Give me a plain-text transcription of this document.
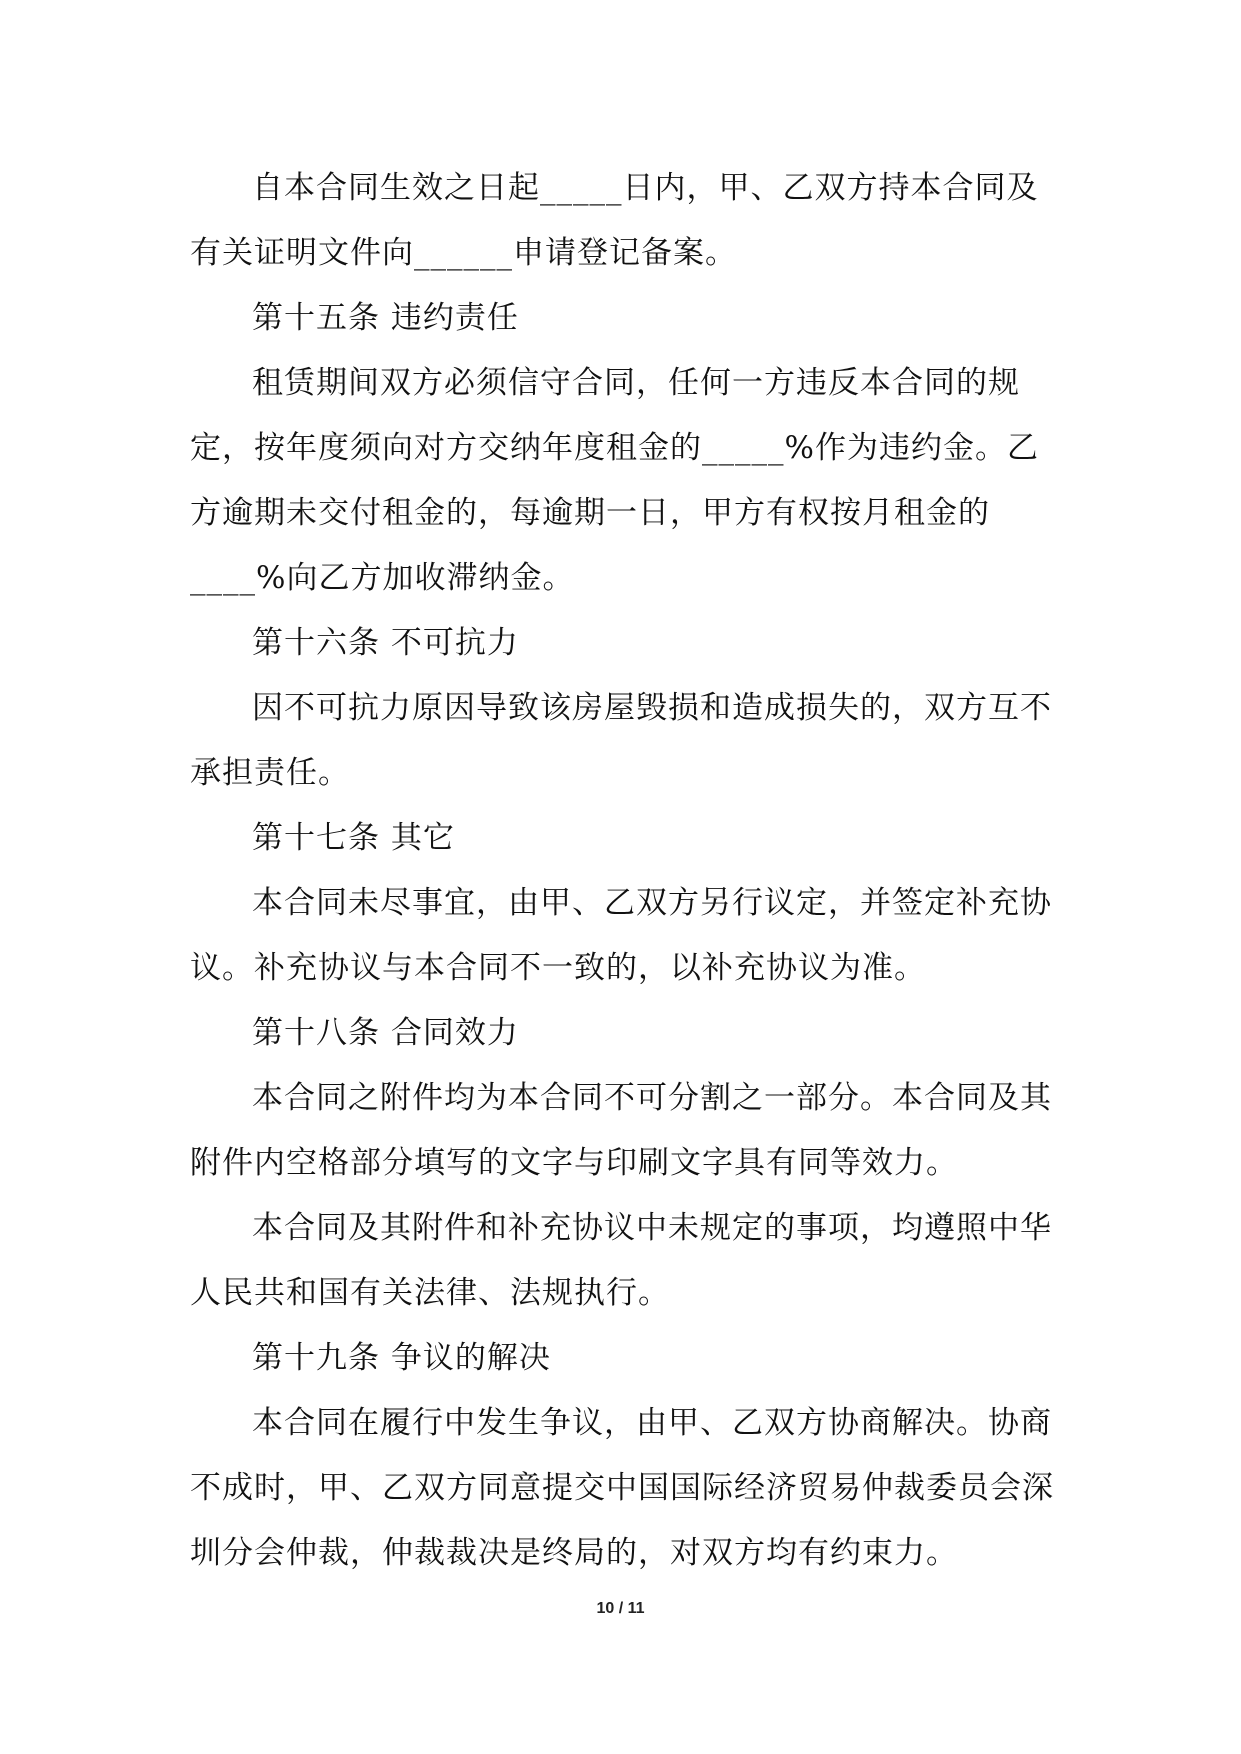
自本合同生效之日起_____日内，甲、乙双方持本合同及有关证明文件向______申请登记备案。

第十五条 违约责任

租赁期间双方必须信守合同，任何一方违反本合同的规定，按年度须向对方交纳年度租金的_____%作为违约金。乙方逾期未交付租金的，每逾期一日，甲方有权按月租金的____%向乙方加收滞纳金。

第十六条 不可抗力

因不可抗力原因导致该房屋毁损和造成损失的，双方互不承担责任。

第十七条 其它

本合同未尽事宜，由甲、乙双方另行议定，并签定补充协议。补充协议与本合同不一致的，以补充协议为准。

第十八条 合同效力

本合同之附件均为本合同不可分割之一部分。本合同及其附件内空格部分填写的文字与印刷文字具有同等效力。

本合同及其附件和补充协议中未规定的事项，均遵照中华人民共和国有关法律、法规执行。

第十九条 争议的解决

本合同在履行中发生争议，由甲、乙双方协商解决。协商不成时，甲、乙双方同意提交中国国际经济贸易仲裁委员会深圳分会仲裁，仲裁裁决是终局的，对双方均有约束力。

10 / 11
